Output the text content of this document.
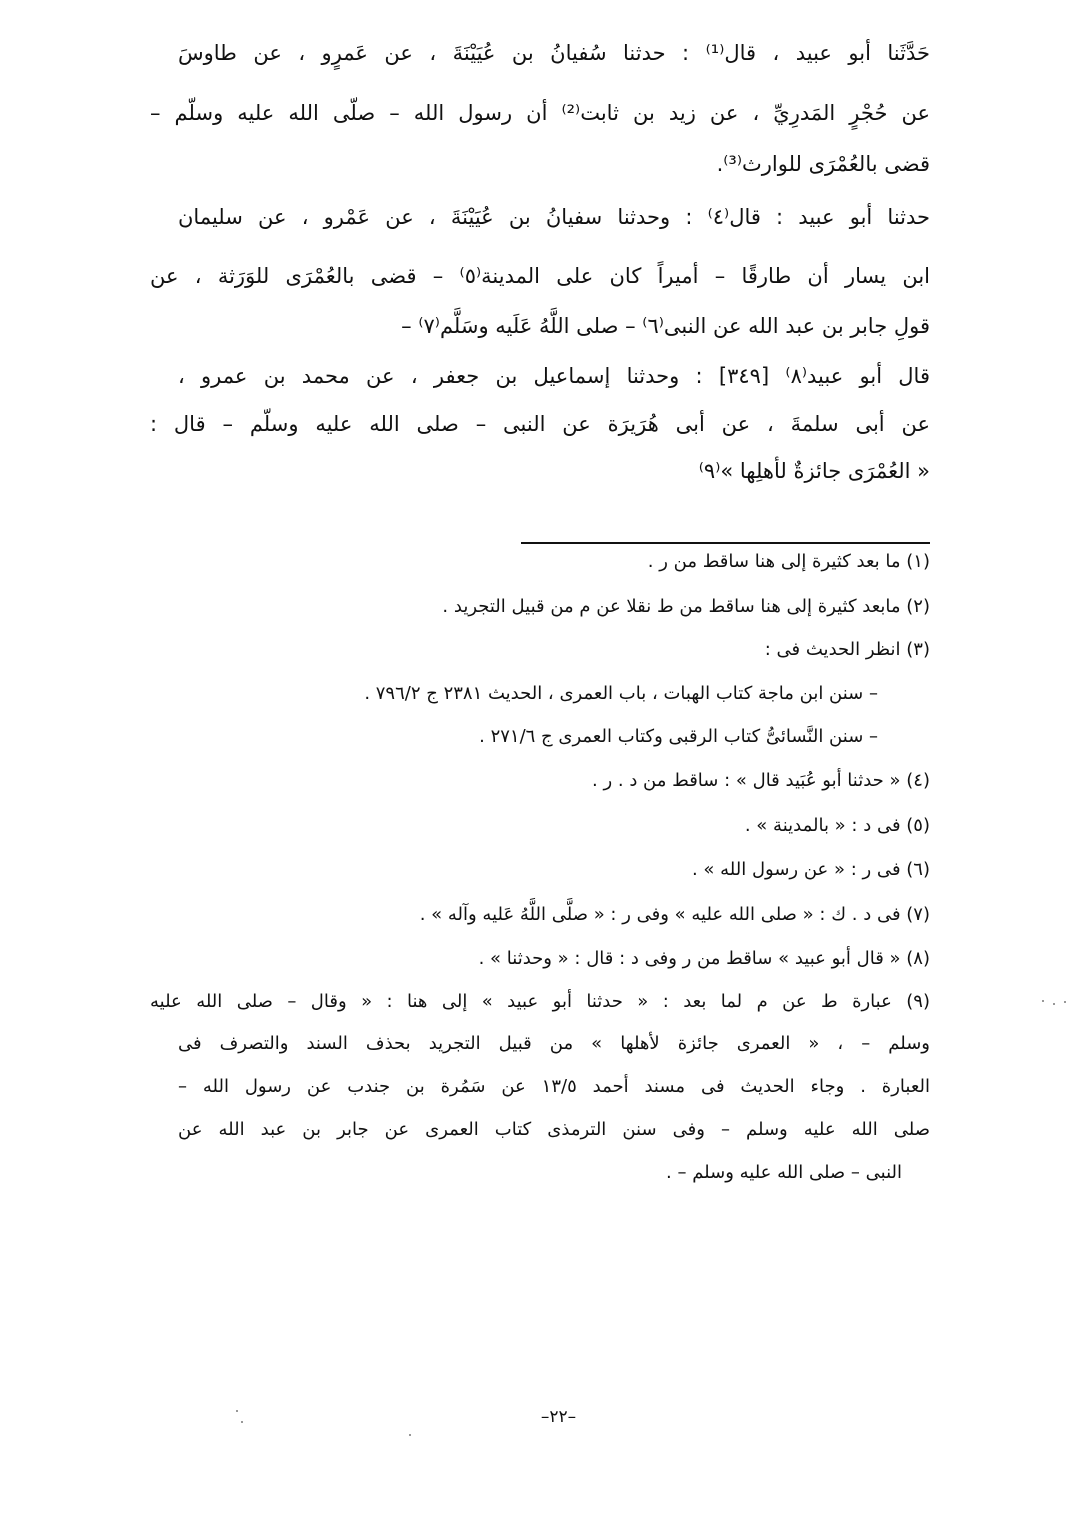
حَدَّثَنا أبو عبيد ، قال⁽¹⁾ : حدثنا سُفيانُ بن عُيَيْنَةَ ، عن عَمرٍو ، عن طاوسَ
عن حُجْرٍ المَدرِيِّ ، عن زيد بن ثابت⁽²⁾ أن رسول الله – صلّى الله عليه وسلّم –
قضى بالعُمْرَى للوارث⁽³⁾.
حدثنا أبو عبيد : قال⁽٤⁾ : وحدثنا سفيانُ بن عُيَيْنَةَ ، عن عَمْرو ، عن سليمان
ابن يسار أن طارقًا – أميراً كان على المدينة⁽٥⁾ – قضى بالعُمْرَى للوَرَثة ، عن
قولِ جابر بن عبد الله عن النبى⁽٦⁾ – صلى اللَّهُ عَلَيه وسَلَّم⁽٧⁾ –
قال أبو عبيد⁽٨⁾ [٣٤٩] : وحدثنا إسماعيل بن جعفر ، عن محمد بن عمرو ،
عن أبى سلمةَ ، عن أبى هُرَيرَة عن النبى – صلى الله عليه وسلّم – قال :
« العُمْرَى جائزةٌ لأهلِها »⁽٩⁾
(١) ما بعد كثيرة إلى هنا ساقط من ر .
(٢) مابعد كثيرة إلى هنا ساقط من ط نقلا عن م من قبيل التجريد .
(٣) انظر الحديث فى :
– سنن ابن ماجة كتاب الهبات ، باب العمرى ، الحديث ٢٣٨١ ج ٧٩٦/٢ .
– سنن النَّسائىُّ كتاب الرقبى وكتاب العمرى ج ٢٧١/٦ .
(٤) « حدثنا أبو عُبَيد قال » : ساقط من د . ر .
(٥) فى د : « بالمدينة » .
(٦) فى ر : « عن رسول الله » .
(٧) فى د . ك : « صلى الله عليه » وفى ر : « صلَّى اللَّهُ عَليه وآله » .
(٨) « قال أبو عبيد » ساقط من ر وفى د : قال : « وحدثنا » .
(٩) عبارة ط عن م لما بعد : « حدثنا أبو عبيد » إلى هنا : « وقال – صلى الله عليه
وسلم – ، « العمرى جائزة لأهلها » من قبيل التجريد بحذف السند والتصرف فى
العبارة . وجاء الحديث فى مسند أحمد ١٣/٥ عن سَمُرة بن جندب عن رسول الله –
صلى الله عليه وسلم – وفى سنن الترمذى كتاب العمرى عن جابر بن عبد الله عن
النبى – صلى الله عليه وسلم – .
–٢٢–
